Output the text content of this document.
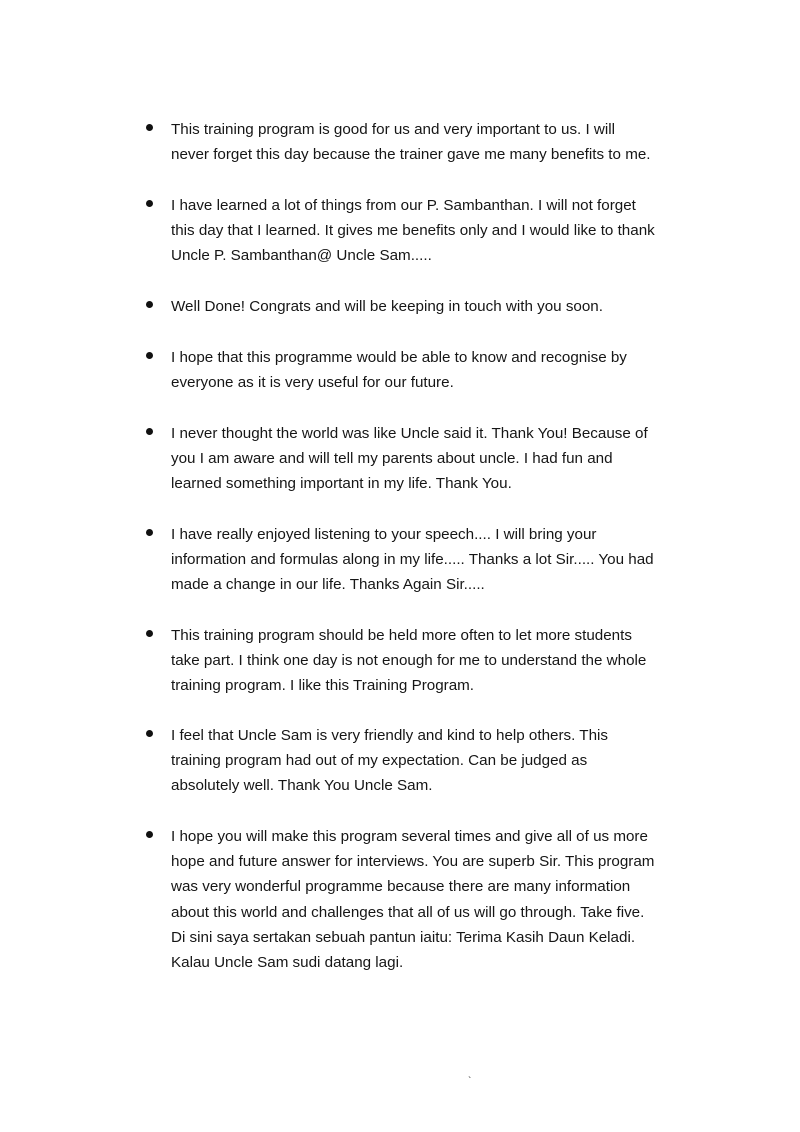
This training program is good for us and very important to us. I will
never forget this day because the trainer gave me many benefits to me.
I have learned a lot of things from our P. Sambanthan. I will not forget
this day that I learned. It gives me benefits only and I would like to thank
Uncle P. Sambanthan@ Uncle Sam.....
Well Done! Congrats and will be keeping in touch with you soon.
I hope that this programme would be able to know and recognise by
everyone as it is very useful for our future.
I never thought the world was like Uncle said it. Thank You! Because of
you I am aware and will tell my parents about uncle. I had fun and
learned something important in my life. Thank You.
I have really enjoyed listening to your speech.... I will bring your
information and formulas along in my life..... Thanks a lot Sir..... You had
made a change in our life. Thanks Again Sir.....
This training program should be held more often to let more students
take part. I think one day is not enough for me to understand the whole
training program. I like this Training Program.
I feel that Uncle Sam is very friendly and kind to help others. This
training program had out of my expectation. Can be judged as
absolutely well. Thank You Uncle Sam.
I hope you will make this program several times and give all of us more
hope and future answer for interviews. You are superb Sir. This program
was very wonderful programme because there are many information
about this world and challenges that all of us will go through. Take five.
Di sini saya sertakan sebuah pantun iaitu: Terima Kasih Daun Keladi.
Kalau Uncle Sam sudi datang lagi.
`
